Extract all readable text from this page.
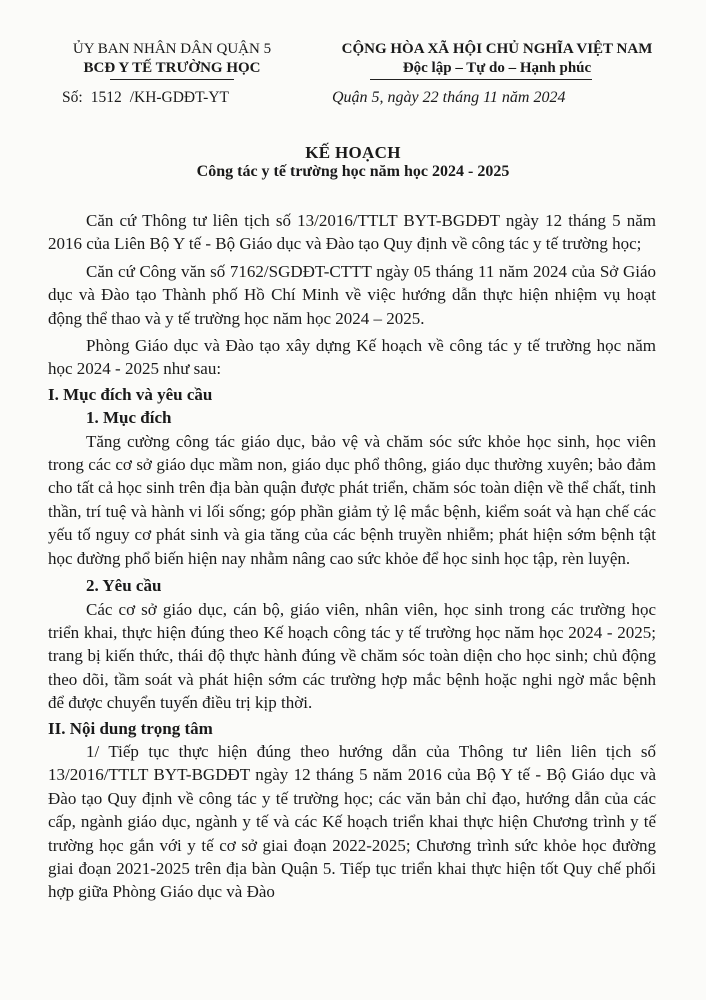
ỦY BAN NHÂN DÂN QUẬN 5
BCĐ Y TẾ TRƯỜNG HỌC
CỘNG HÒA XÃ HỘI CHỦ NGHĨA VIỆT NAM
Độc lập – Tự do – Hạnh phúc
Số: 1512 /KH-GDĐT-YT	Quận 5, ngày 22 tháng 11 năm 2024
KẾ HOẠCH
Công tác y tế trường học năm học 2024 - 2025

Căn cứ Thông tư liên tịch số 13/2016/TTLT BYT-BGDĐT ngày 12 tháng 5 năm 2016 của Liên Bộ Y tế - Bộ Giáo dục và Đào tạo Quy định về công tác y tế trường học;

Căn cứ Công văn số 7162/SGDĐT-CTTT ngày 05 tháng 11 năm 2024 của Sở Giáo dục và Đào tạo Thành phố Hồ Chí Minh về việc hướng dẫn thực hiện nhiệm vụ hoạt động thể thao và y tế trường học năm học 2024 – 2025.

Phòng Giáo dục và Đào tạo xây dựng Kế hoạch về công tác y tế trường học năm học 2024 - 2025 như sau:

I. Mục đích và yêu cầu

1. Mục đích

Tăng cường công tác giáo dục, bảo vệ và chăm sóc sức khỏe học sinh, học viên trong các cơ sở giáo dục mầm non, giáo dục phổ thông, giáo dục thường xuyên; bảo đảm cho tất cả học sinh trên địa bàn quận được phát triển, chăm sóc toàn diện về thể chất, tinh thần, trí tuệ và hành vi lối sống; góp phần giảm tỷ lệ mắc bệnh, kiểm soát và hạn chế các yếu tố nguy cơ phát sinh và gia tăng của các bệnh truyền nhiễm; phát hiện sớm bệnh tật học đường phổ biến hiện nay nhằm nâng cao sức khỏe để học sinh học tập, rèn luyện.

2. Yêu cầu

Các cơ sở giáo dục, cán bộ, giáo viên, nhân viên, học sinh trong các trường học triển khai, thực hiện đúng theo Kế hoạch công tác y tế trường học năm học 2024 - 2025; trang bị kiến thức, thái độ thực hành đúng về chăm sóc toàn diện cho học sinh; chủ động theo dõi, tầm soát và phát hiện sớm các trường hợp mắc bệnh hoặc nghi ngờ mắc bệnh để được chuyển tuyến điều trị kịp thời.

II. Nội dung trọng tâm

1/ Tiếp tục thực hiện đúng theo hướng dẫn của Thông tư liên liên tịch số 13/2016/TTLT BYT-BGDĐT ngày 12 tháng 5 năm 2016 của Bộ Y tế - Bộ Giáo dục và Đào tạo Quy định về công tác y tế trường học; các văn bản chỉ đạo, hướng dẫn của các cấp, ngành giáo dục, ngành y tế và các Kế hoạch triển khai thực hiện Chương trình y tế trường học gắn với y tế cơ sở giai đoạn 2022-2025; Chương trình sức khỏe học đường giai đoạn 2021-2025 trên địa bàn Quận 5. Tiếp tục triển khai thực hiện tốt Quy chế phối hợp giữa Phòng Giáo dục và Đào
